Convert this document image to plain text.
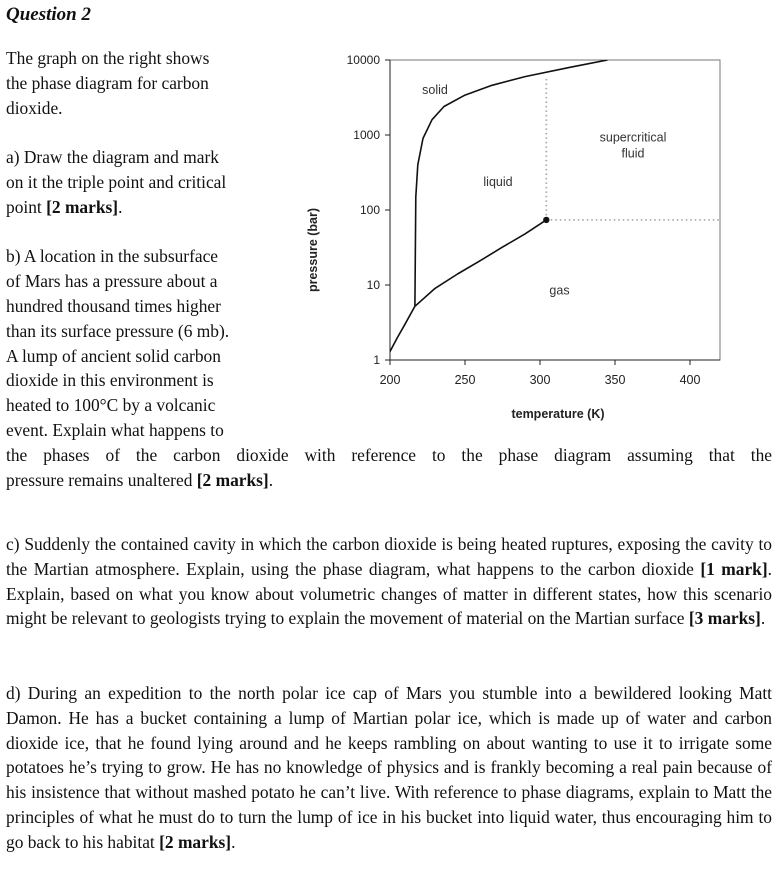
Question 2
The graph on the right shows
the phase diagram for carbon
dioxide.
a) Draw the diagram and mark
on it the triple point and critical
point [2 marks].
b) A location in the subsurface
of Mars has a pressure about a
hundred thousand times higher
than its surface pressure (6 mb).
A lump of ancient solid carbon
dioxide in this environment is
heated to 100°C by a volcanic
event. Explain what happens to
the phases of the carbon dioxide with reference to the phase diagram assuming that the
pressure remains unaltered [2 marks].

c) Suddenly the contained cavity in which the carbon dioxide is being heated ruptures, exposing the cavity to the Martian atmosphere. Explain, using the phase diagram, what happens to the carbon dioxide [1 mark]. Explain, based on what you know about volumetric changes of matter in different states, how this scenario might be relevant to geologists trying to explain the movement of material on the Martian surface [3 marks].

d) During an expedition to the north polar ice cap of Mars you stumble into a bewildered looking Matt Damon. He has a bucket containing a lump of Martian polar ice, which is made up of water and carbon dioxide ice, that he found lying around and he keeps rambling on about wanting to use it to irrigate some potatoes he’s trying to grow. He has no knowledge of physics and is frankly becoming a real pain because of his insistence that without mashed potato he can’t live. With reference to phase diagrams, explain to Matt the principles of what he must do to turn the lump of ice in his bucket into liquid water, thus encouraging him to go back to his habitat [2 marks].

1
10
100
1000
10000
200	250	300	350	400
temperature (K)
pressure (bar)
solid
liquid
supercritical
fluid
gas
